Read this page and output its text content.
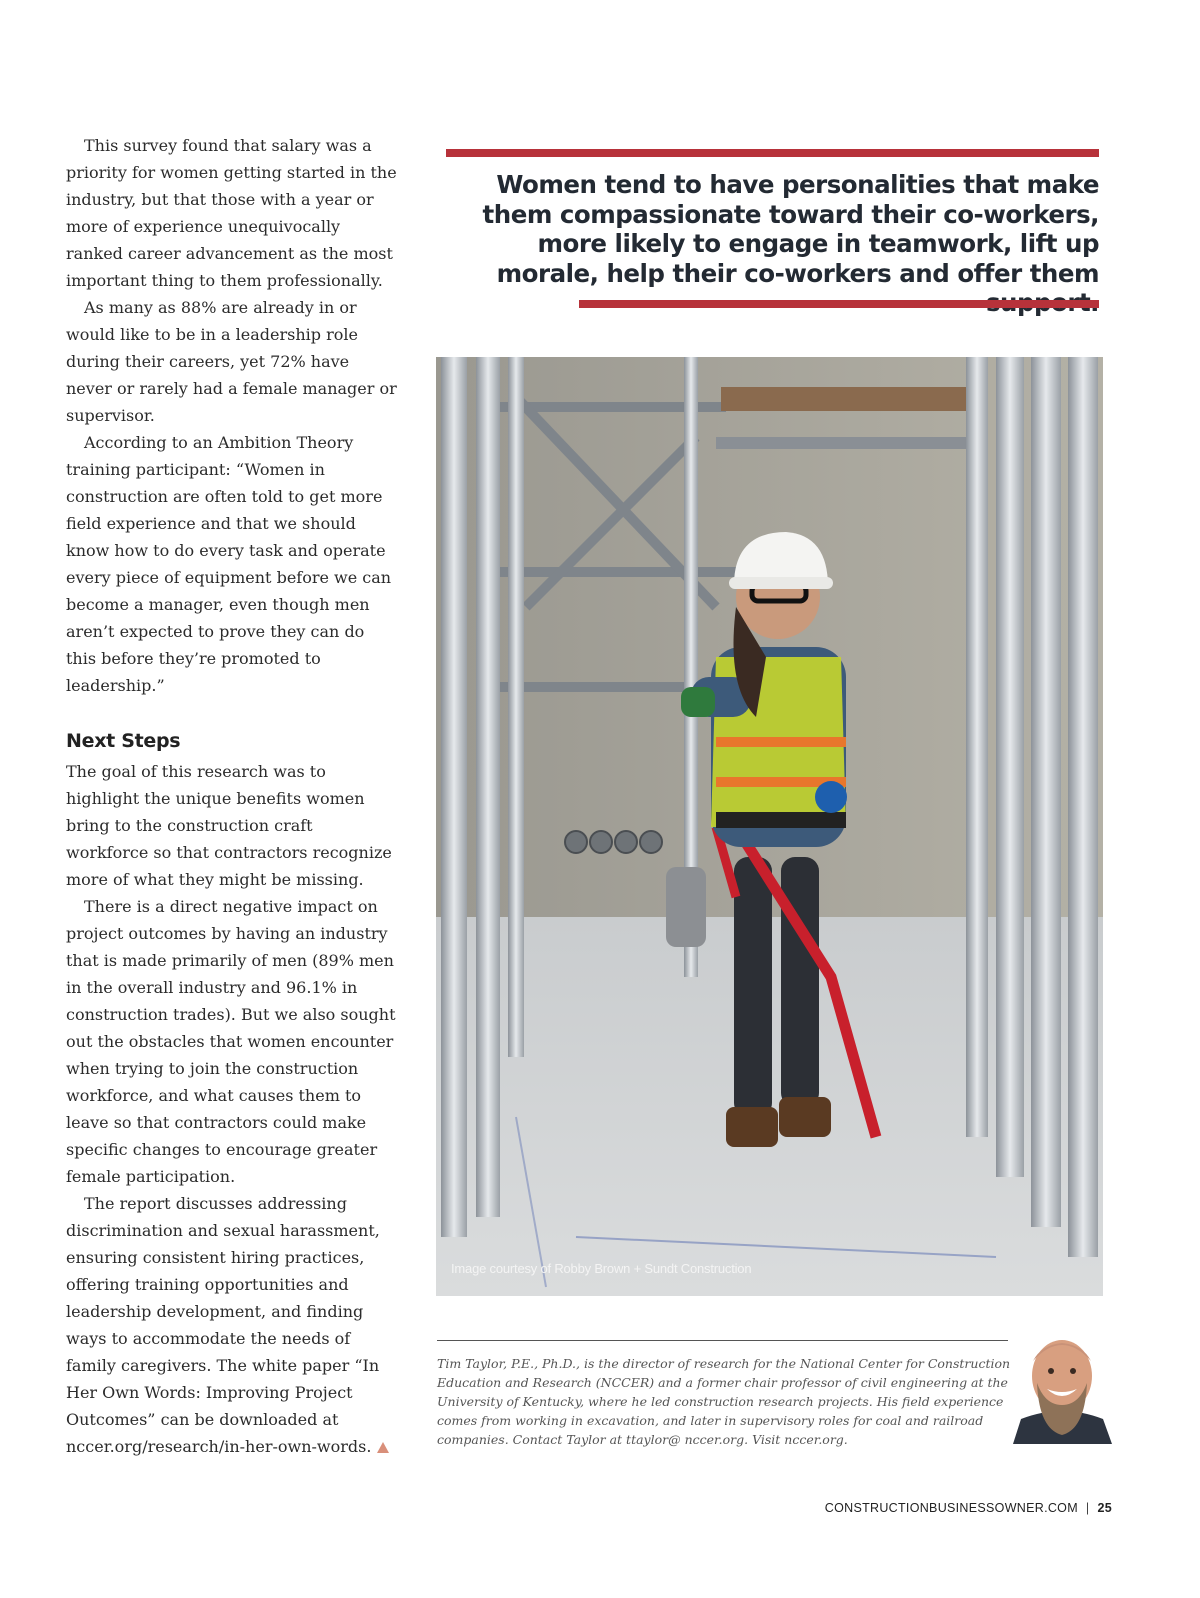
This survey found that salary was a priority for women getting started in the industry, but that those with a year or more of experience unequivocally ranked career advancement as the most important thing to them professionally.

As many as 88% are already in or would like to be in a leadership role during their careers, yet 72% have never or rarely had a female manager or supervisor.

According to an Ambition Theory training participant: “Women in construction are often told to get more field experience and that we should know how to do every task and operate every piece of equipment before we can become a manager, even though men aren’t expected to prove they can do this before they’re promoted to leadership.”

Next Steps

The goal of this research was to highlight the unique benefits women bring to the construction craft workforce so that contractors recognize more of what they might be missing.

There is a direct negative impact on project outcomes by having an industry that is made primarily of men (89% men in the overall industry and 96.1% in construction trades). But we also sought out the obstacles that women encounter when trying to join the construction workforce, and what causes them to leave so that contractors could make specific changes to encourage greater female participation.

The report discusses addressing discrimination and sexual harassment, ensuring consistent hiring practices, offering training opportunities and leadership development, and finding ways to accommodate the needs of family caregivers. The white paper “In Her Own Words: Improving Project Outcomes” can be downloaded at nccer.org/research/in-her-own-words.

Women tend to have personalities that make them compassionate toward their co-workers, more likely to engage in teamwork, lift up morale, help their co-workers and offer them
Image courtesy of Robby Brown + Sundt Construction
Tim Taylor, P.E., Ph.D., is the director of research for the National Center for Construction Education and Research (NCCER) and a former chair professor of civil engineering at the University of Kentucky, where he led construction research projects. His field experience comes from working in excavation, and later in supervisory roles for coal and railroad companies. Contact Taylor at ttaylor@ nccer.org. Visit nccer.org.
CONSTRUCTIONBUSINESSOWNER.COM | 25
